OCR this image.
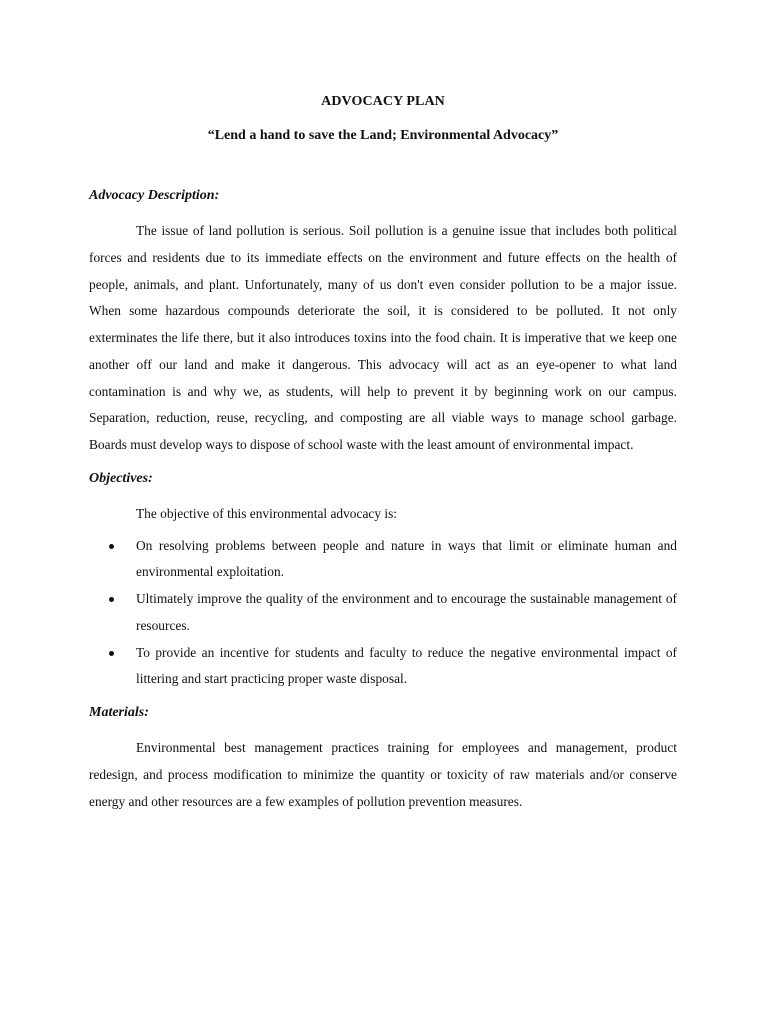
ADVOCACY PLAN

“Lend a hand to save the Land; Environmental Advocacy”

Advocacy Description:

The issue of land pollution is serious. Soil pollution is a genuine issue that includes both political forces and residents due to its immediate effects on the environment and future effects on the health of people, animals, and plant. Unfortunately, many of us don't even consider pollution to be a major issue. When some hazardous compounds deteriorate the soil, it is considered to be polluted. It not only exterminates the life there, but it also introduces toxins into the food chain. It is imperative that we keep one another off our land and make it dangerous. This advocacy will act as an eye-opener to what land contamination is and why we, as students, will help to prevent it by beginning work on our campus. Separation, reduction, reuse, recycling, and composting are all viable ways to manage school garbage. Boards must develop ways to dispose of school waste with the least amount of environmental impact.

Objectives:

The objective of this environmental advocacy is:

On resolving problems between people and nature in ways that limit or eliminate human and environmental exploitation.
Ultimately improve the quality of the environment and to encourage the sustainable management of resources.
To provide an incentive for students and faculty to reduce the negative environmental impact of littering and start practicing proper waste disposal.
Materials:

Environmental best management practices training for employees and management, product redesign, and process modification to minimize the quantity or toxicity of raw materials and/or conserve energy and other resources are a few examples of pollution prevention measures.
